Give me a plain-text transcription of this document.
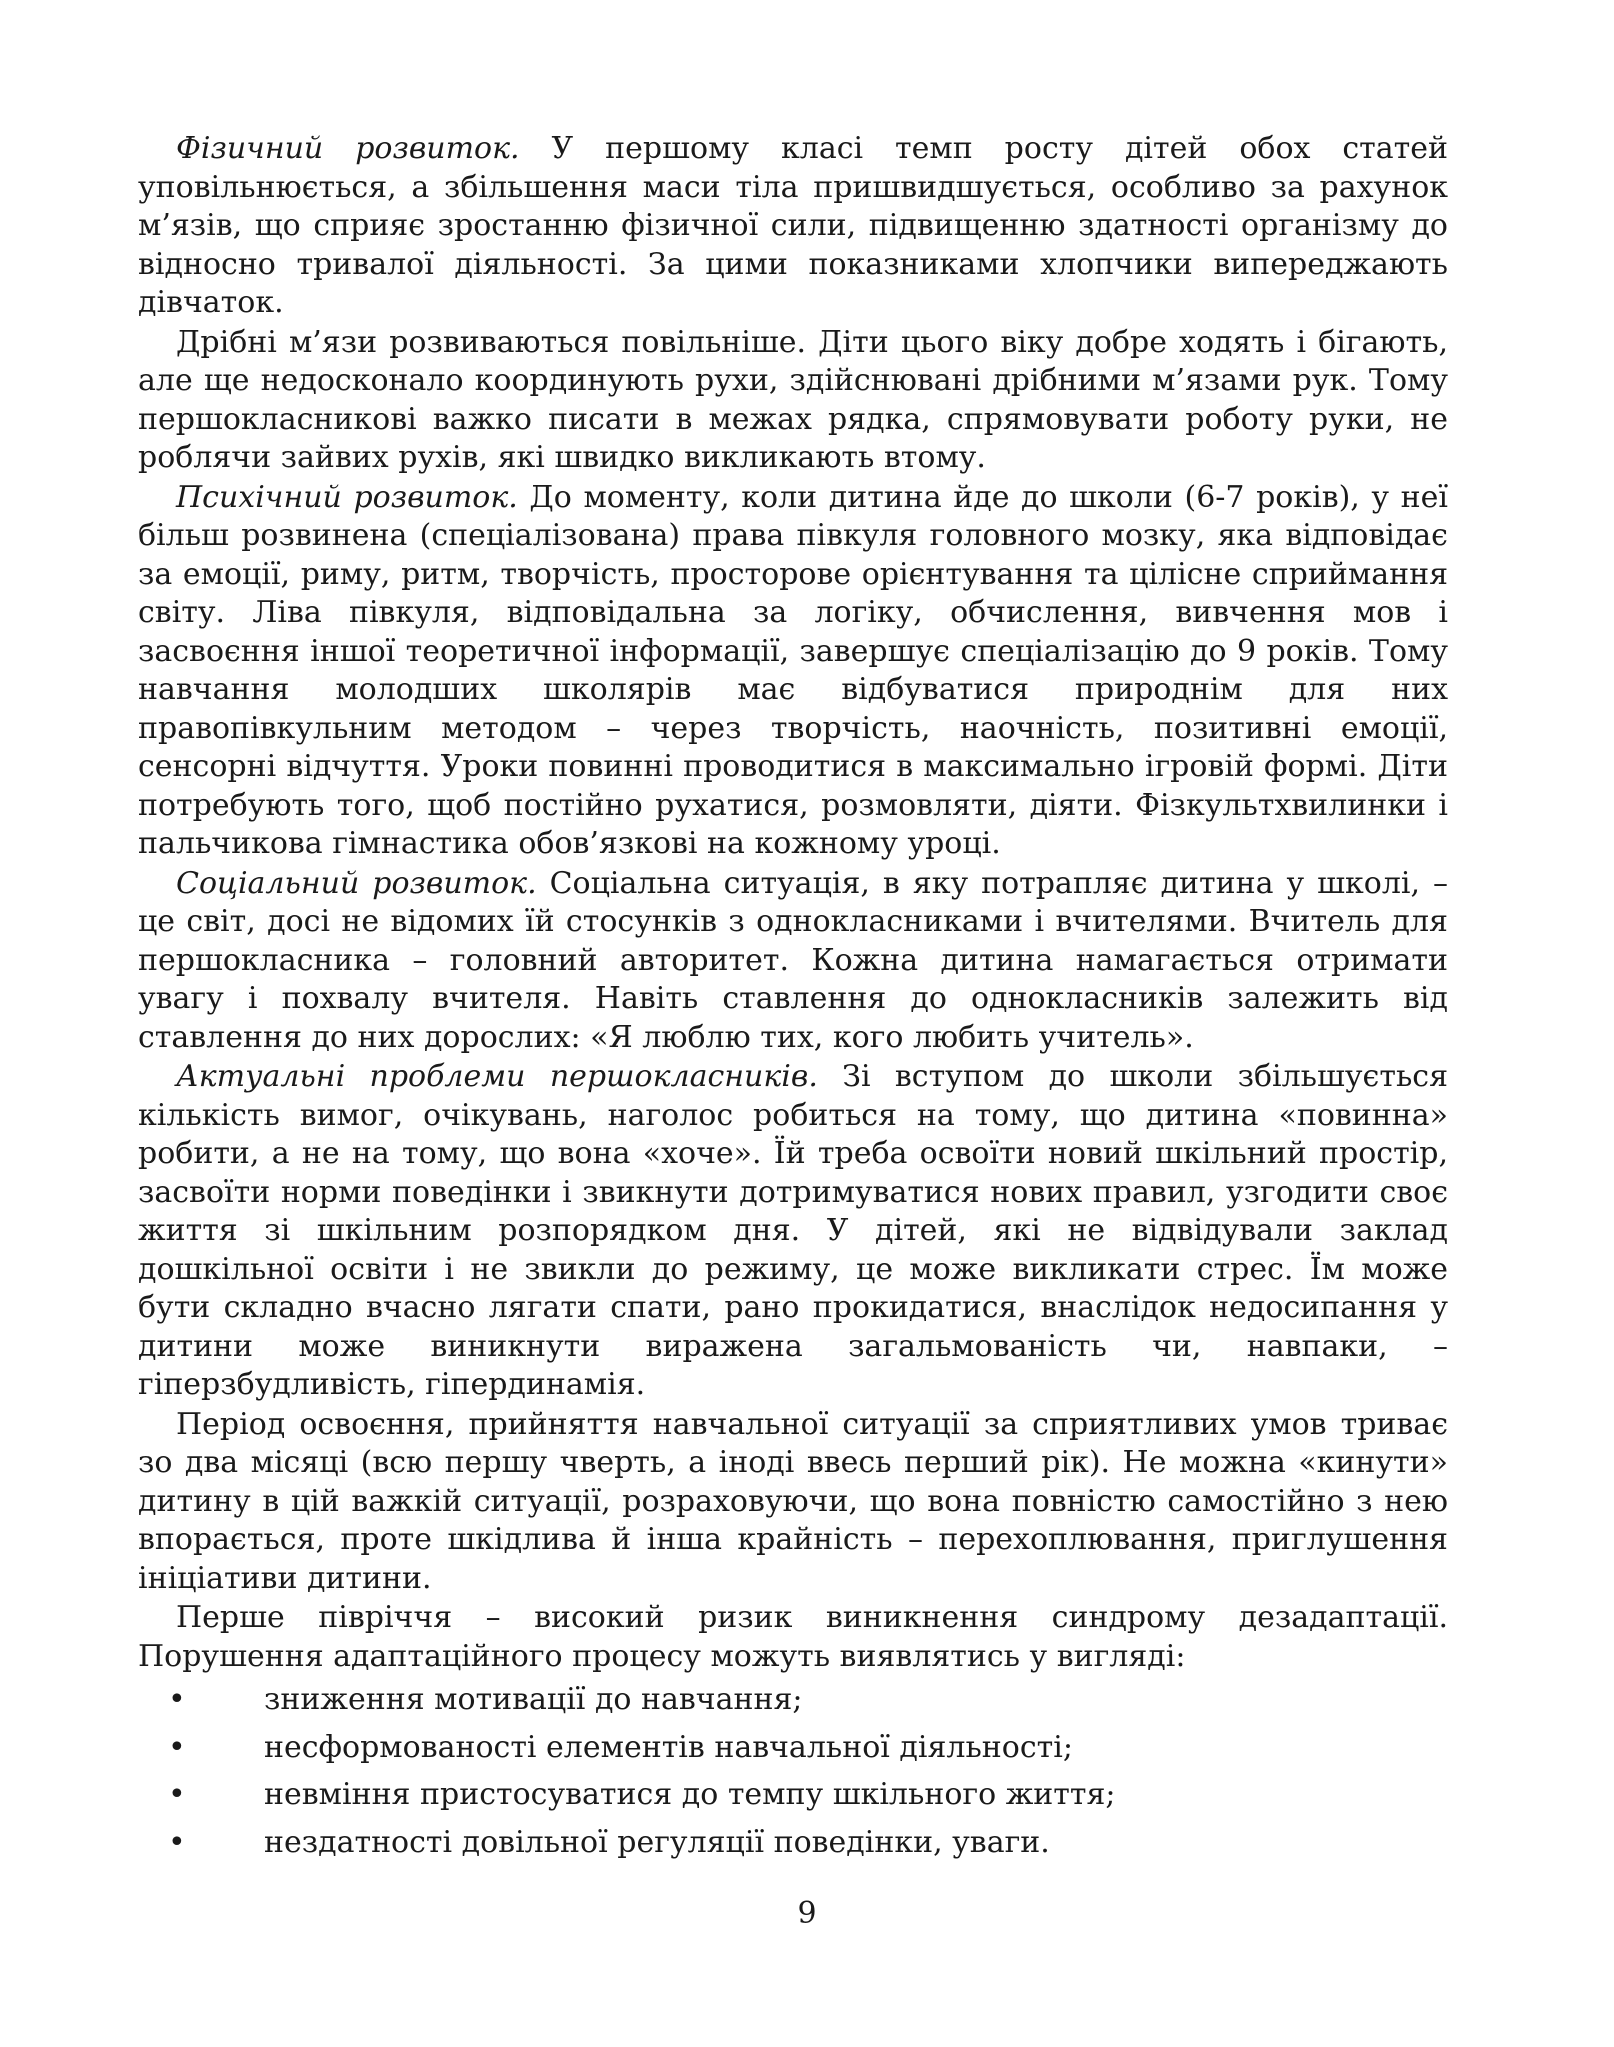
Фізичний розвиток. У першому класі темп росту дітей обох статей уповільнюється, а збільшення маси тіла пришвидшується, особливо за рахунок м’язів, що сприяє зростанню фізичної сили, підвищенню здатності організму до відносно тривалої діяльності. За цими показниками хлопчики випереджають дівчаток.

Дрібні м’язи розвиваються повільніше. Діти цього віку добре ходять і бігають, але ще недосконало координують рухи, здійснювані дрібними м’язами рук. Тому першокласникові важко писати в межах рядка, спрямовувати роботу руки, не роблячи зайвих рухів, які швидко викликають втому.

Психічний розвиток. До моменту, коли дитина йде до школи (6-7 років), у неї більш розвинена (спеціалізована) права півкуля головного мозку, яка відповідає за емоції, риму, ритм, творчість, просторове орієнтування та цілісне сприймання світу. Ліва півкуля, відповідальна за логіку, обчислення, вивчення мов і засвоєння іншої теоретичної інформації, завершує спеціалізацію до 9 років. Тому навчання молодших школярів має відбуватися природнім для них правопівкульним методом – через творчість, наочність, позитивні емоції, сенсорні відчуття. Уроки повинні проводитися в максимально ігровій формі. Діти потребують того, щоб постійно рухатися, розмовляти, діяти. Фізкультхвилинки і пальчикова гімнастика обов’язкові на кожному уроці.

Соціальний розвиток. Соціальна ситуація, в яку потрапляє дитина у школі, – це світ, досі не відомих їй стосунків з однокласниками і вчителями. Вчитель для першокласника – головний авторитет. Кожна дитина намагається отримати увагу і похвалу вчителя. Навіть ставлення до однокласників залежить від ставлення до них дорослих: «Я люблю тих, кого любить учитель».

Актуальні проблеми першокласників. Зі вступом до школи збільшується кількість вимог, очікувань, наголос робиться на тому, що дитина «повинна» робити, а не на тому, що вона «хоче». Їй треба освоїти новий шкільний простір, засвоїти норми поведінки і звикнути дотримуватися нових правил, узгодити своє життя зі шкільним розпорядком дня. У дітей, які не відвідували заклад дошкільної освіти і не звикли до режиму, це може викликати стрес. Їм може бути складно вчасно лягати спати, рано прокидатися, внаслідок недосипання у дитини може виникнути виражена загальмованість чи, навпаки, – гіперзбудливість, гіпердинамія.

Період освоєння, прийняття навчальної ситуації за сприятливих умов триває зо два місяці (всю першу чверть, а іноді ввесь перший рік). Не можна «кинути» дитину в цій важкій ситуації, розраховуючи, що вона повністю самостійно з нею впорається, проте шкідлива й інша крайність – перехоплювання, приглушення ініціативи дитини.

Перше півріччя – високий ризик виникнення синдрому дезадаптації. Порушення адаптаційного процесу можуть виявлятись у вигляді:

•	зниження мотивації до навчання;
•	несформованості елементів навчальної діяльності;
•	невміння пристосуватися до темпу шкільного життя;
•	нездатності довільної регуляції поведінки, уваги.
9
